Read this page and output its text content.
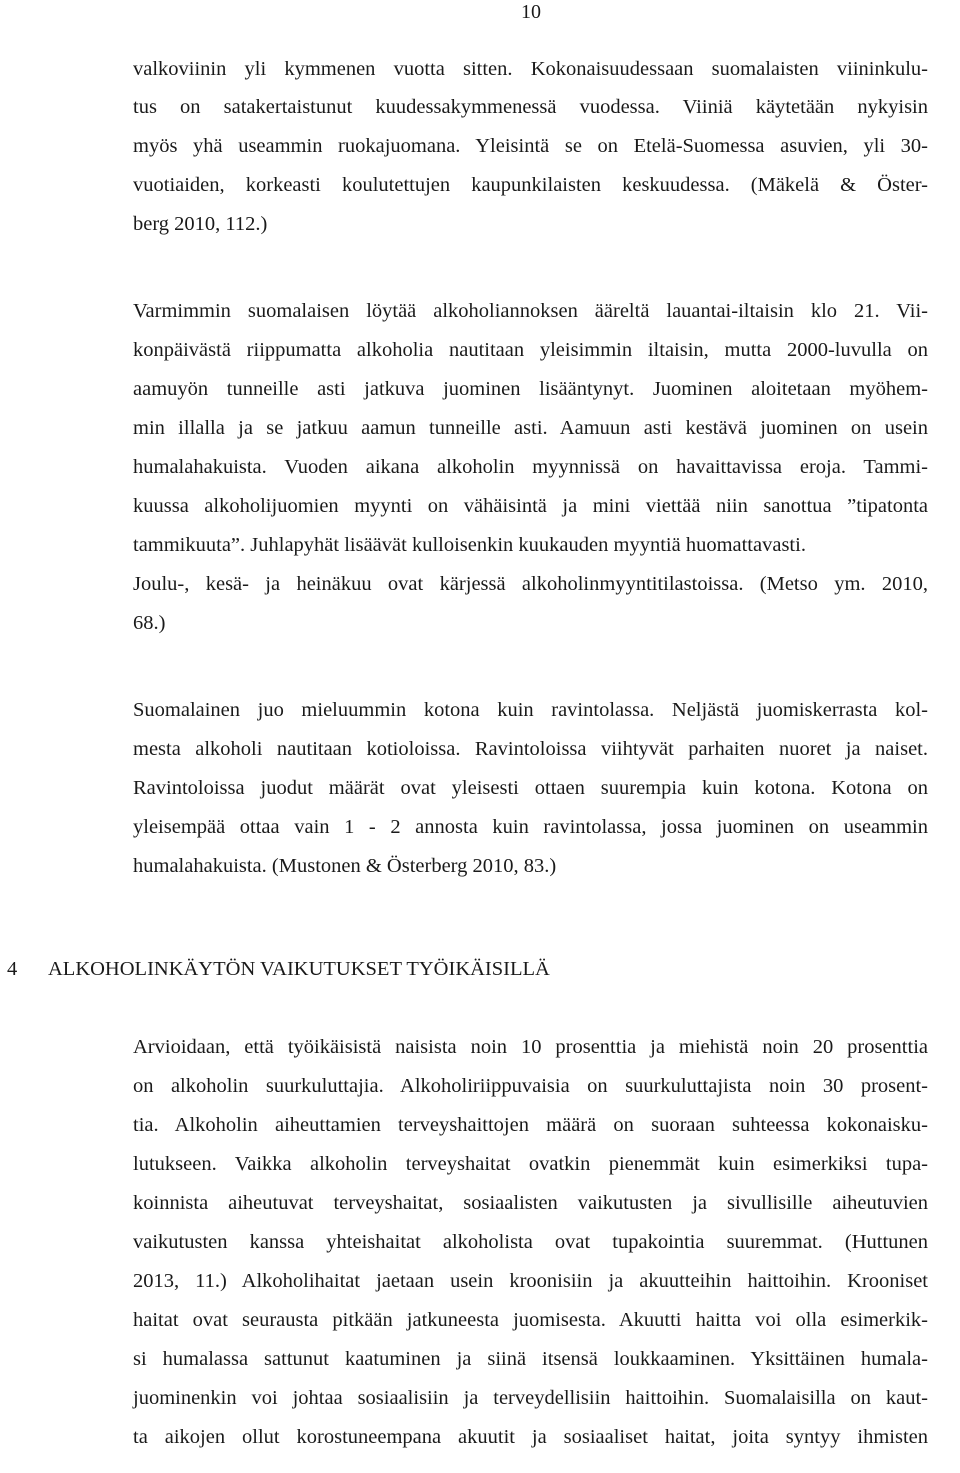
10
valkoviinin yli kymmenen vuotta sitten. Kokonaisuudessaan suomalaisten viininkulu-
tus on satakertaistunut kuudessakymmenessä vuodessa. Viiniä käytetään nykyisin
myös yhä useammin ruokajuomana. Yleisintä se on Etelä-Suomessa asuvien, yli 30-
vuotiaiden, korkeasti koulutettujen kaupunkilaisten keskuudessa. (Mäkelä & Öster-
berg 2010, 112.)
Varmimmin suomalaisen löytää alkoholiannoksen ääreltä lauantai-iltaisin klo 21. Vii-
konpäivästä riippumatta alkoholia nautitaan yleisimmin iltaisin, mutta 2000-luvulla on
aamuyön tunneille asti jatkuva juominen lisääntynyt. Juominen aloitetaan myöhem-
min illalla ja se jatkuu aamun tunneille asti. Aamuun asti kestävä juominen on usein
humalahakuista. Vuoden aikana alkoholin myynnissä on havaittavissa eroja. Tammi-
kuussa alkoholijuomien myynti on vähäisintä ja mini viettää niin sanottua ”tipatonta
tammikuuta”. Juhlapyhät lisäävät kulloisenkin kuukauden myyntiä huomattavasti.
Joulu-, kesä- ja heinäkuu ovat kärjessä alkoholinmyyntitilastoissa. (Metso ym. 2010,
68.)
Suomalainen juo mieluummin kotona kuin ravintolassa. Neljästä juomiskerrasta kol-
mesta alkoholi nautitaan kotioloissa. Ravintoloissa viihtyvät parhaiten nuoret ja naiset.
Ravintoloissa juodut määrät ovat yleisesti ottaen suurempia kuin kotona. Kotona on
yleisempää ottaa vain 1 - 2 annosta kuin ravintolassa, jossa juominen on useammin
humalahakuista. (Mustonen & Österberg 2010, 83.)
4 ALKOHOLINKÄYTÖN VAIKUTUKSET TYÖIKÄISILLÄ
Arvioidaan, että työikäisistä naisista noin 10 prosenttia ja miehistä noin 20 prosenttia
on alkoholin suurkuluttajia. Alkoholiriippuvaisia on suurkuluttajista noin 30 prosent-
tia. Alkoholin aiheuttamien terveyshaittojen määrä on suoraan suhteessa kokonaisku-
lutukseen. Vaikka alkoholin terveyshaitat ovatkin pienemmät kuin esimerkiksi tupa-
koinnista aiheutuvat terveyshaitat, sosiaalisten vaikutusten ja sivullisille aiheutuvien
vaikutusten kanssa yhteishaitat alkoholista ovat tupakointia suuremmat. (Huttunen
2013, 11.) Alkoholihaitat jaetaan usein kroonisiin ja akuutteihin haittoihin. Krooniset
haitat ovat seurausta pitkään jatkuneesta juomisesta. Akuutti haitta voi olla esimerkik-
si humalassa sattunut kaatuminen ja siinä itsensä loukkaaminen. Yksittäinen humala-
juominenkin voi johtaa sosiaalisiin ja terveydellisiin haittoihin. Suomalaisilla on kaut-
ta aikojen ollut korostuneempana akuutit ja sosiaaliset haitat, joita syntyy ihmisten
